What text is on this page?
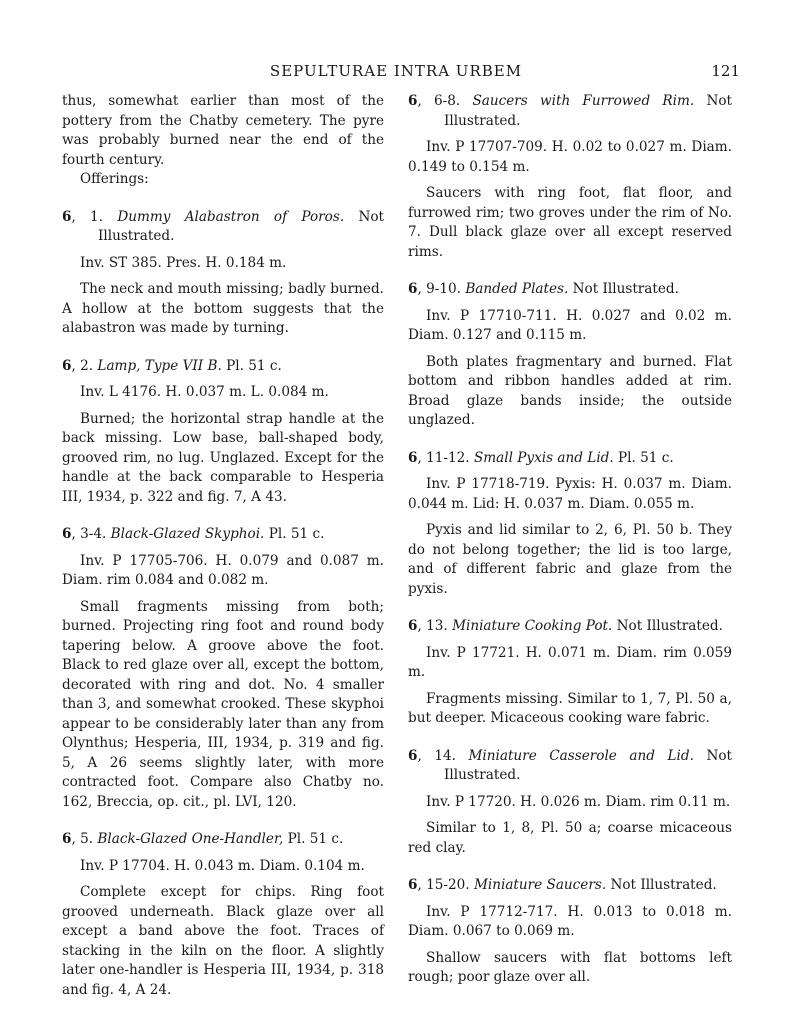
SEPULTURAE INTRA URBEM	121

thus, somewhat earlier than most of the pottery from the Chatby cemetery. The pyre was probably burned near the end of the fourth century.

Offerings:

6, 1. Dummy Alabastron of Poros. Not Illustrated.

Inv. ST 385. Pres. H. 0.184 m.

The neck and mouth missing; badly burned. A hollow at the bottom suggests that the alabastron was made by turning.

6, 2. Lamp, Type VII B. Pl. 51 c.

Inv. L 4176. H. 0.037 m. L. 0.084 m.

Burned; the horizontal strap handle at the back missing. Low base, ball-shaped body, grooved rim, no lug. Unglazed. Except for the handle at the back comparable to Hesperia III, 1934, p. 322 and fig. 7, A 43.

6, 3-4. Black-Glazed Skyphoi. Pl. 51 c.

Inv. P 17705-706. H. 0.079 and 0.087 m. Diam. rim 0.084 and 0.082 m.

Small fragments missing from both; burned. Projecting ring foot and round body tapering below. A groove above the foot. Black to red glaze over all, except the bottom, decorated with ring and dot. No. 4 smaller than 3, and somewhat crooked. These skyphoi appear to be considerably later than any from Olynthus; Hesperia, III, 1934, p. 319 and fig. 5, A 26 seems slightly later, with more contracted foot. Compare also Chatby no. 162, Breccia, op. cit., pl. LVI, 120.

6, 5. Black-Glazed One-Handler, Pl. 51 c.

Inv. P 17704. H. 0.043 m. Diam. 0.104 m.

Complete except for chips. Ring foot grooved underneath. Black glaze over all except a band above the foot. Traces of stacking in the kiln on the floor. A slightly later one-handler is Hesperia III, 1934, p. 318 and fig. 4, A 24.

6, 6-8. Saucers with Furrowed Rim. Not Illustrated.

Inv. P 17707-709. H. 0.02 to 0.027 m. Diam. 0.149 to 0.154 m.

Saucers with ring foot, flat floor, and furrowed rim; two groves under the rim of No. 7. Dull black glaze over all except reserved rims.

6, 9-10. Banded Plates. Not Illustrated.

Inv. P 17710-711. H. 0.027 and 0.02 m. Diam. 0.127 and 0.115 m.

Both plates fragmentary and burned. Flat bottom and ribbon handles added at rim. Broad glaze bands inside; the outside unglazed.

6, 11-12. Small Pyxis and Lid. Pl. 51 c.

Inv. P 17718-719. Pyxis: H. 0.037 m. Diam. 0.044 m. Lid: H. 0.037 m. Diam. 0.055 m.

Pyxis and lid similar to 2, 6, Pl. 50 b. They do not belong together; the lid is too large, and of different fabric and glaze from the pyxis.

6, 13. Miniature Cooking Pot. Not Illustrated.

Inv. P 17721. H. 0.071 m. Diam. rim 0.059 m.

Fragments missing. Similar to 1, 7, Pl. 50 a, but deeper. Micaceous cooking ware fabric.

6, 14. Miniature Casserole and Lid. Not Illustrated.

Inv. P 17720. H. 0.026 m. Diam. rim 0.11 m.

Similar to 1, 8, Pl. 50 a; coarse micaceous red clay.

6, 15-20. Miniature Saucers. Not Illustrated.

Inv. P 17712-717. H. 0.013 to 0.018 m. Diam. 0.067 to 0.069 m.

Shallow saucers with flat bottoms left rough; poor glaze over all.
